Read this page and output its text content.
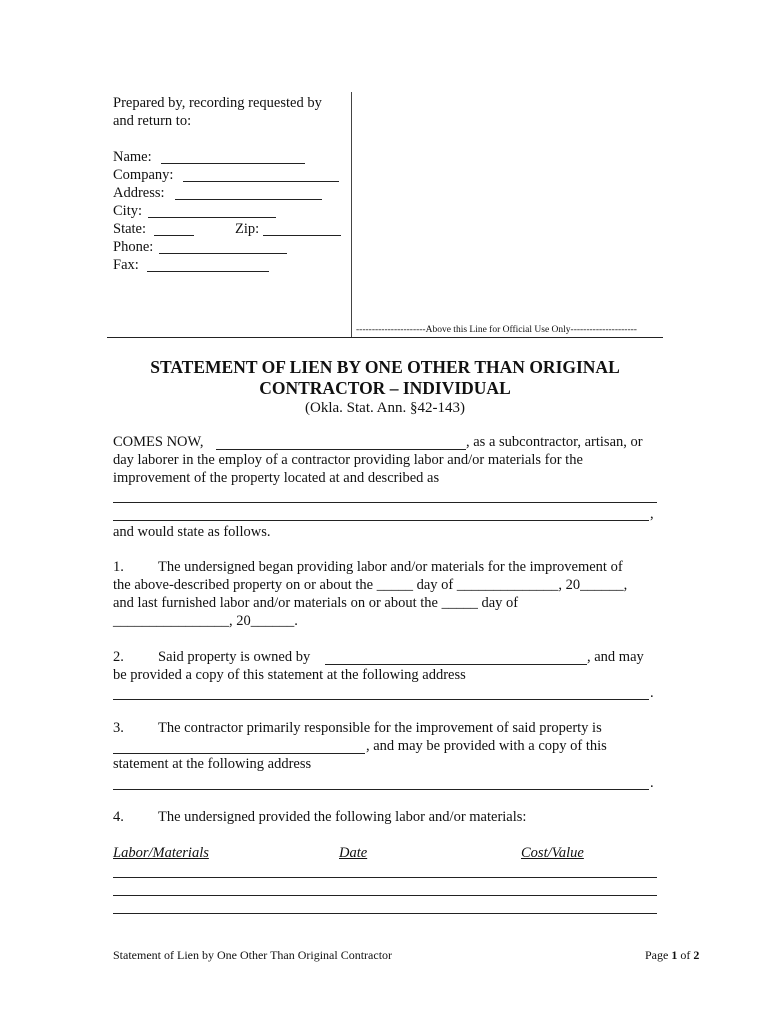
Prepared by, recording requested by
and return to:
Name:
Company:
Address:
City:
State:	Zip:
Phone:
Fax:
----------------------Above this Line for Official Use Only---------------------
STATEMENT OF LIEN BY ONE OTHER THAN ORIGINAL
CONTRACTOR – INDIVIDUAL
(Okla. Stat. Ann. §42-143)
COMES NOW,	, as a subcontractor, artisan, or
day laborer in the employ of a contractor providing labor and/or materials for the
improvement of the property located at and described as
,
and would state as follows.
1. The undersigned began providing labor and/or materials for the improvement of
the above-described property on or about the _____ day of ______________, 20______,
and last furnished labor and/or materials on or about the _____ day of
________________, 20______.
2. Said property is owned by	, and may
be provided a copy of this statement at the following address
.
3. The contractor primarily responsible for the improvement of said property is
, and may be provided with a copy of this
statement at the following address
.
4. The undersigned provided the following labor and/or materials:
Labor/Materials	Date	Cost/Value
Statement of Lien by One Other Than Original Contractor	Page 1 of 2
